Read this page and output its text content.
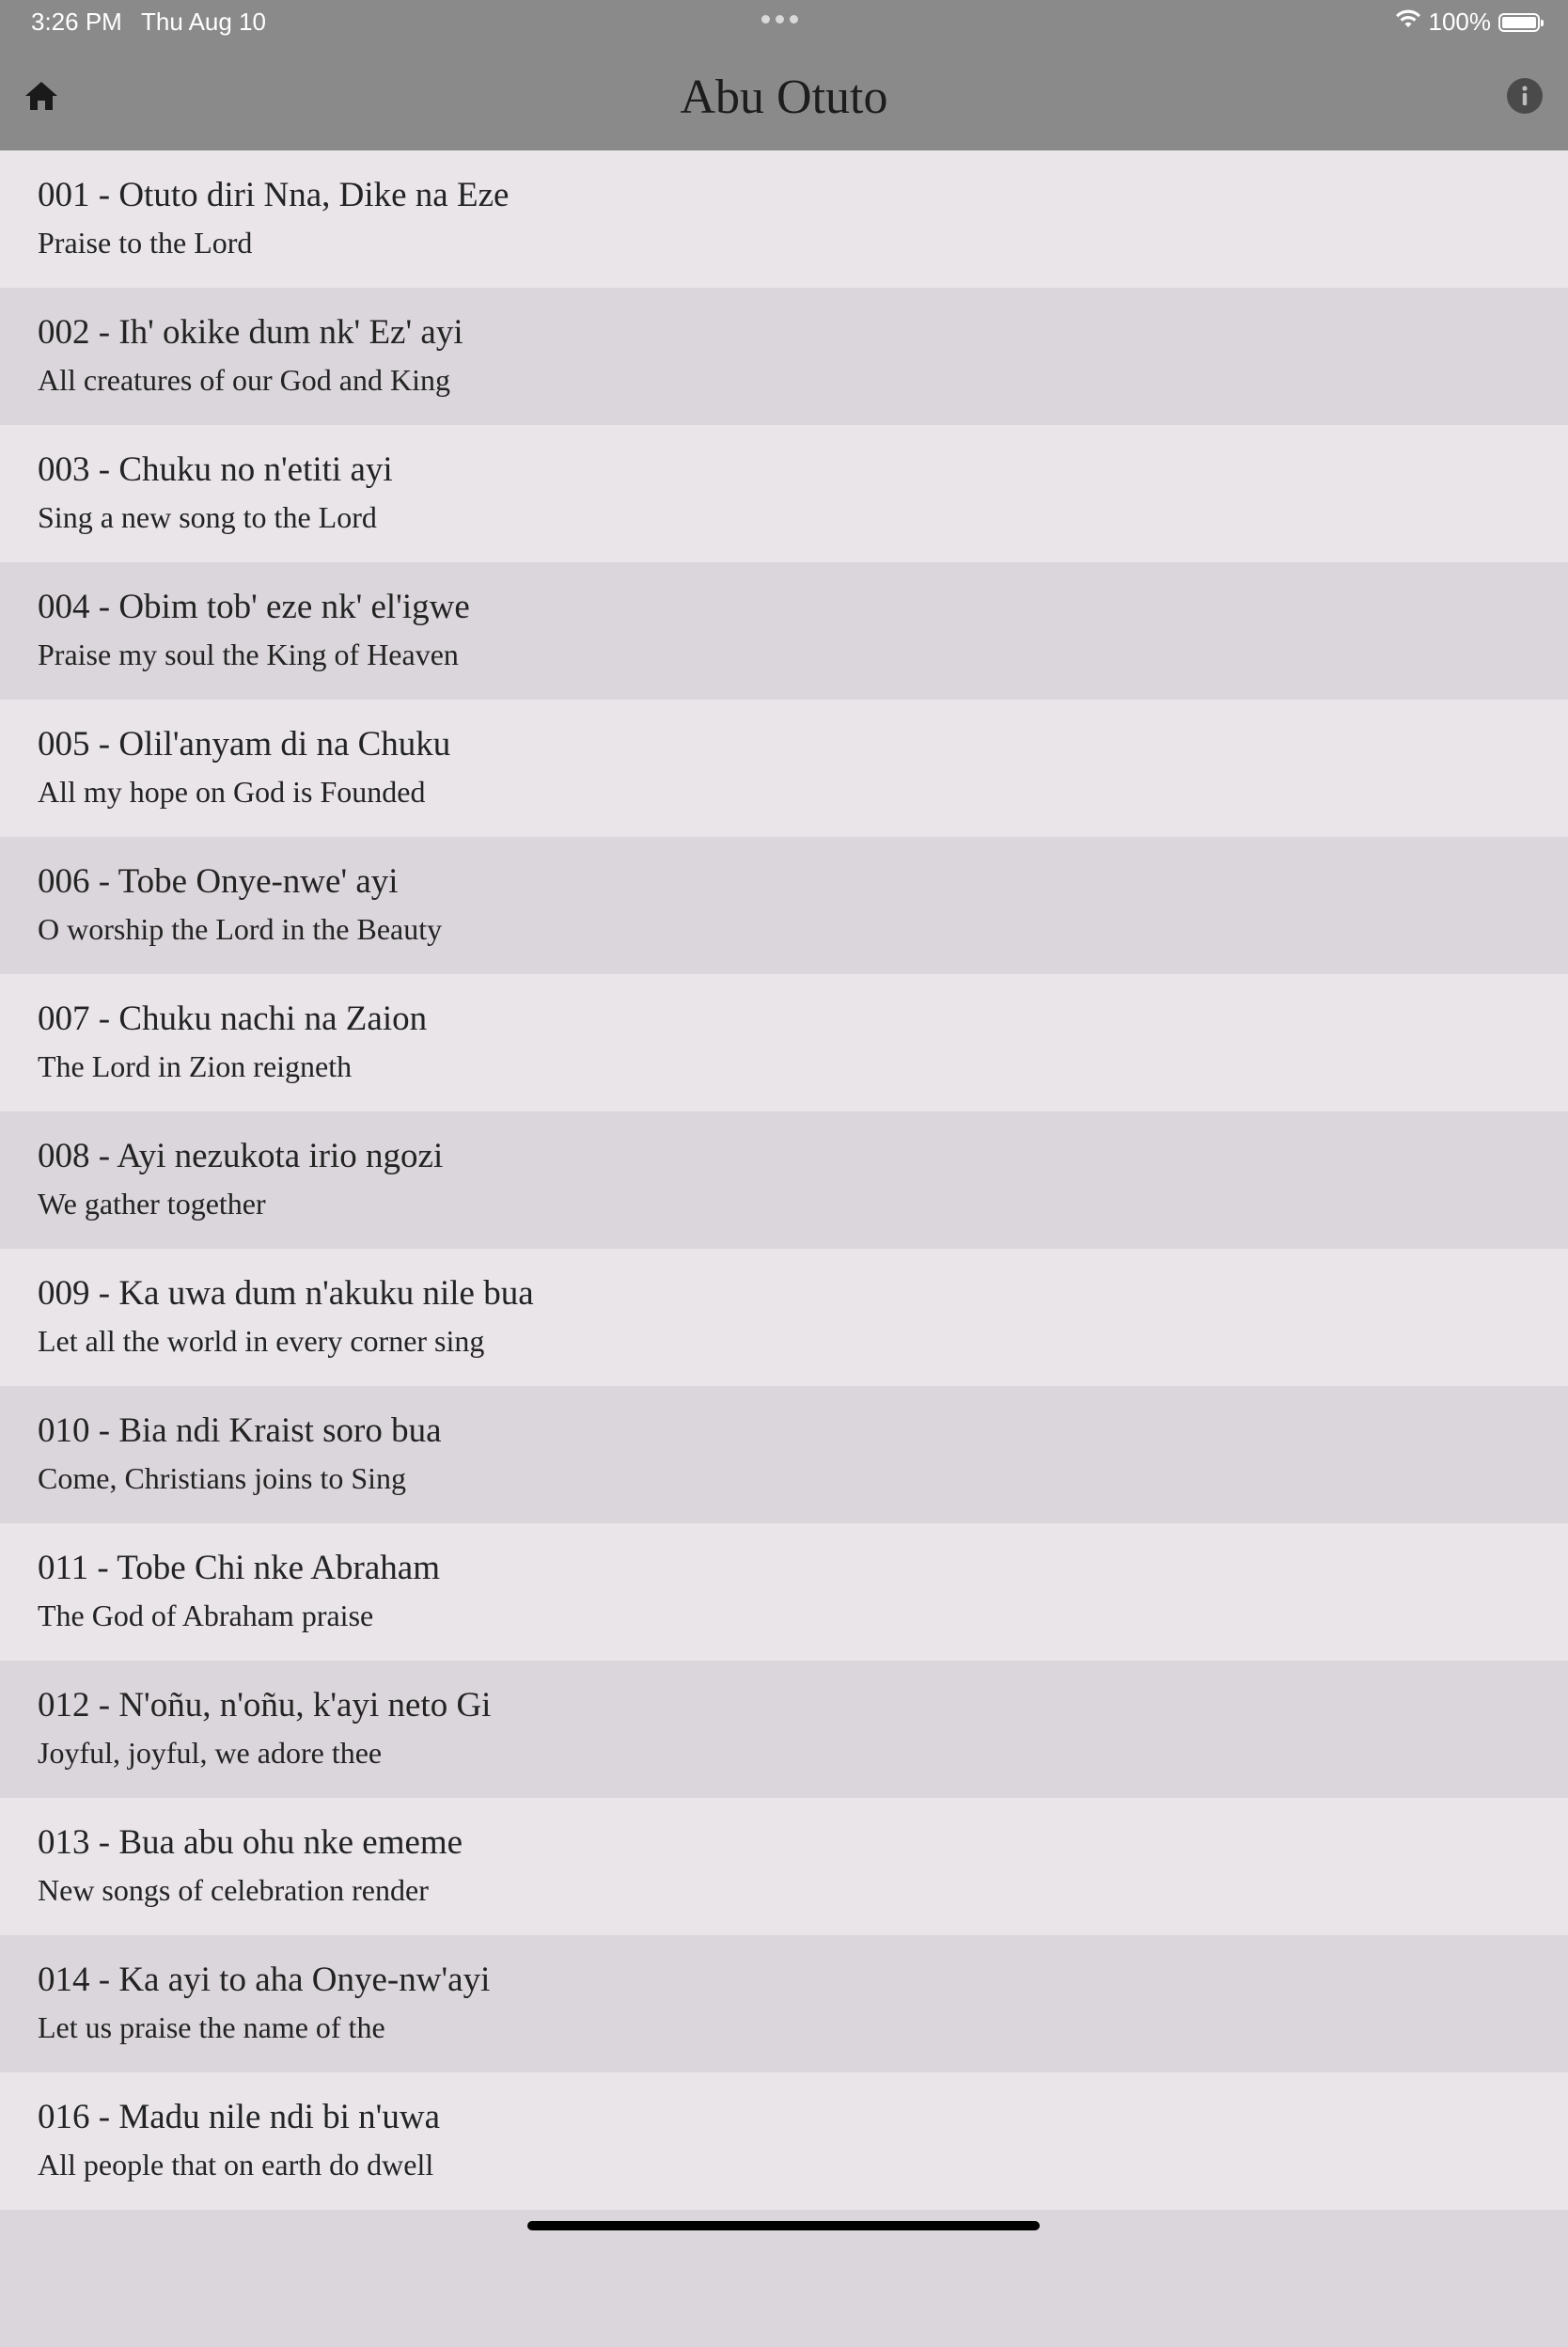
3:26 PM Thu Aug 10	100%
Abu Otuto
001 - Otuto diri Nna, Dike na Eze
Praise to the Lord
002 - Ih' okike dum nk' Ez' ayi
All creatures of our God and King
003 - Chuku no n'etiti ayi
Sing a new song to the Lord
004 - Obim tob' eze nk' el'igwe
Praise my soul the King of Heaven
005 - Olil'anyam di na Chuku
All my hope on God is Founded
006 - Tobe Onye-nwe' ayi
O worship the Lord in the Beauty
007 - Chuku nachi na Zaion
The Lord in Zion reigneth
008 - Ayi nezukota irio ngozi
We gather together
009 - Ka uwa dum n'akuku nile bua
Let all the world in every corner sing
010 - Bia ndi Kraist soro bua
Come, Christians joins to Sing
011 - Tobe Chi nke Abraham
The God of Abraham praise
012 - N'oñu, n'oñu, k'ayi neto Gi
Joyful, joyful, we adore thee
013 - Bua abu ohu nke ememe
New songs of celebration render
014 - Ka ayi to aha Onye-nw'ayi
Let us praise the name of the
016 - Madu nile ndi bi n'uwa
All people that on earth do dwell
